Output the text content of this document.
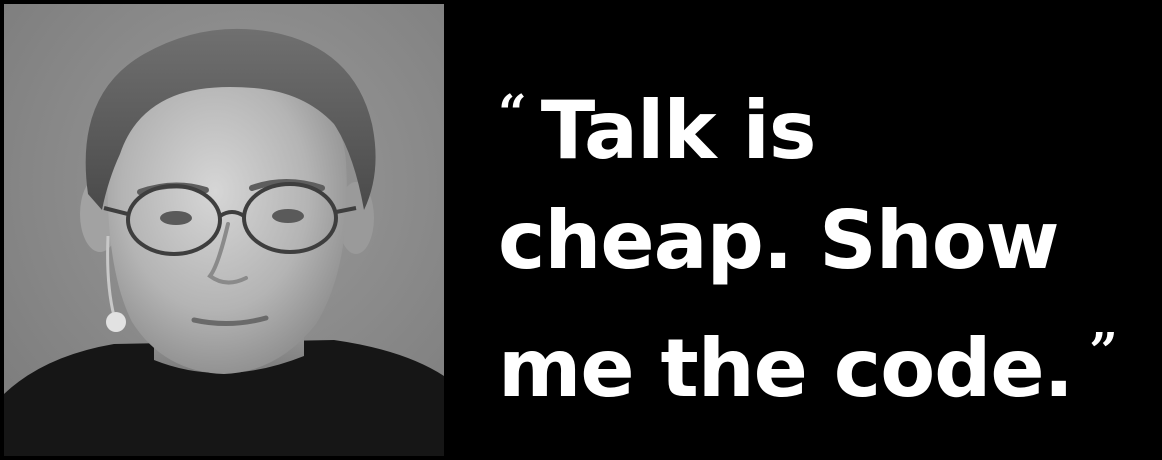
“ Talk is
cheap. Show
me the code. ”
